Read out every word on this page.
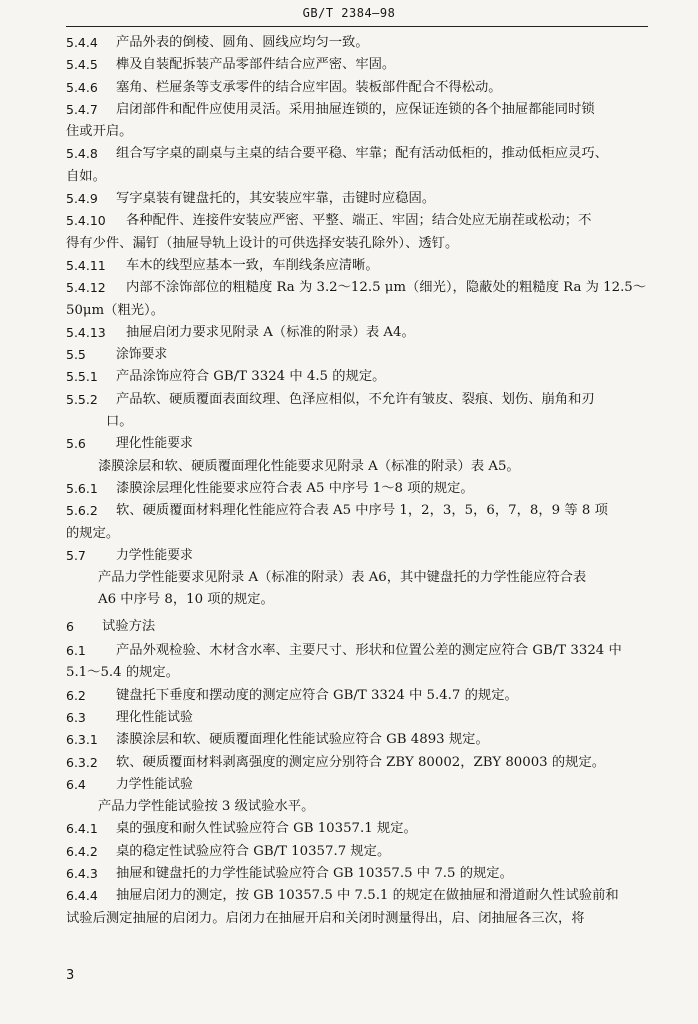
GB/T 2384—98
5.4.4	产品外表的倒棱、圆角、圆线应均匀一致。
5.4.5	榫及自装配拆装产品零部件结合应严密、牢固。
5.4.6	塞角、栏屉条等支承零件的结合应牢固。装板部件配合不得松动。
5.4.7	启闭部件和配件应使用灵活。采用抽屉连锁的，应保证连锁的各个抽屉都能同时锁
住或开启。
5.4.8	组合写字桌的副桌与主桌的结合要平稳、牢靠；配有活动低柜的，推动低柜应灵巧、
自如。
5.4.9	写字桌装有键盘托的，其安装应牢靠，击键时应稳固。
5.4.10	各种配件、连接件安装应严密、平整、端正、牢固；结合处应无崩茬或松动；不
得有少件、漏钉（抽屉导轨上设计的可供选择安装孔除外）、透钉。
5.4.11	车木的线型应基本一致，车削线条应清晰。
5.4.12	内部不涂饰部位的粗糙度 Ra 为 3.2～12.5 μm（细光），隐蔽处的粗糙度 Ra 为 12.5～
50μm（粗光）。
5.4.13	抽屉启闭力要求见附录 A（标准的附录）表 A4。
5.5	涂饰要求
5.5.1	产品涂饰应符合 GB/T 3324 中 4.5 的规定。
5.5.2	产品软、硬质覆面表面纹理、色泽应相似，不允许有皱皮、裂痕、划伤、崩角和刃
口。
5.6	理化性能要求
漆膜涂层和软、硬质覆面理化性能要求见附录 A（标准的附录）表 A5。
5.6.1	漆膜涂层理化性能要求应符合表 A5 中序号 1～8 项的规定。
5.6.2	软、硬质覆面材料理化性能应符合表 A5 中序号 1，2，3，5，6，7，8，9 等 8 项
的规定。
5.7	力学性能要求
产品力学性能要求见附录 A（标准的附录）表 A6，其中键盘托的力学性能应符合表
A6 中序号 8，10 项的规定。
6	试验方法
6.1	产品外观检验、木材含水率、主要尺寸、形状和位置公差的测定应符合 GB/T 3324 中
5.1～5.4 的规定。
6.2	键盘托下垂度和摆动度的测定应符合 GB/T 3324 中 5.4.7 的规定。
6.3	理化性能试验
6.3.1	漆膜涂层和软、硬质覆面理化性能试验应符合 GB 4893 规定。
6.3.2	软、硬质覆面材料剥离强度的测定应分别符合 ZBY 80002，ZBY 80003 的规定。
6.4	力学性能试验
产品力学性能试验按 3 级试验水平。
6.4.1	桌的强度和耐久性试验应符合 GB 10357.1 规定。
6.4.2	桌的稳定性试验应符合 GB/T 10357.7 规定。
6.4.3	抽屉和键盘托的力学性能试验应符合 GB 10357.5 中 7.5 的规定。
6.4.4	抽屉启闭力的测定，按 GB 10357.5 中 7.5.1 的规定在做抽屉和滑道耐久性试验前和
试验后测定抽屉的启闭力。启闭力在抽屉开启和关闭时测量得出，启、闭抽屉各三次，将
3
